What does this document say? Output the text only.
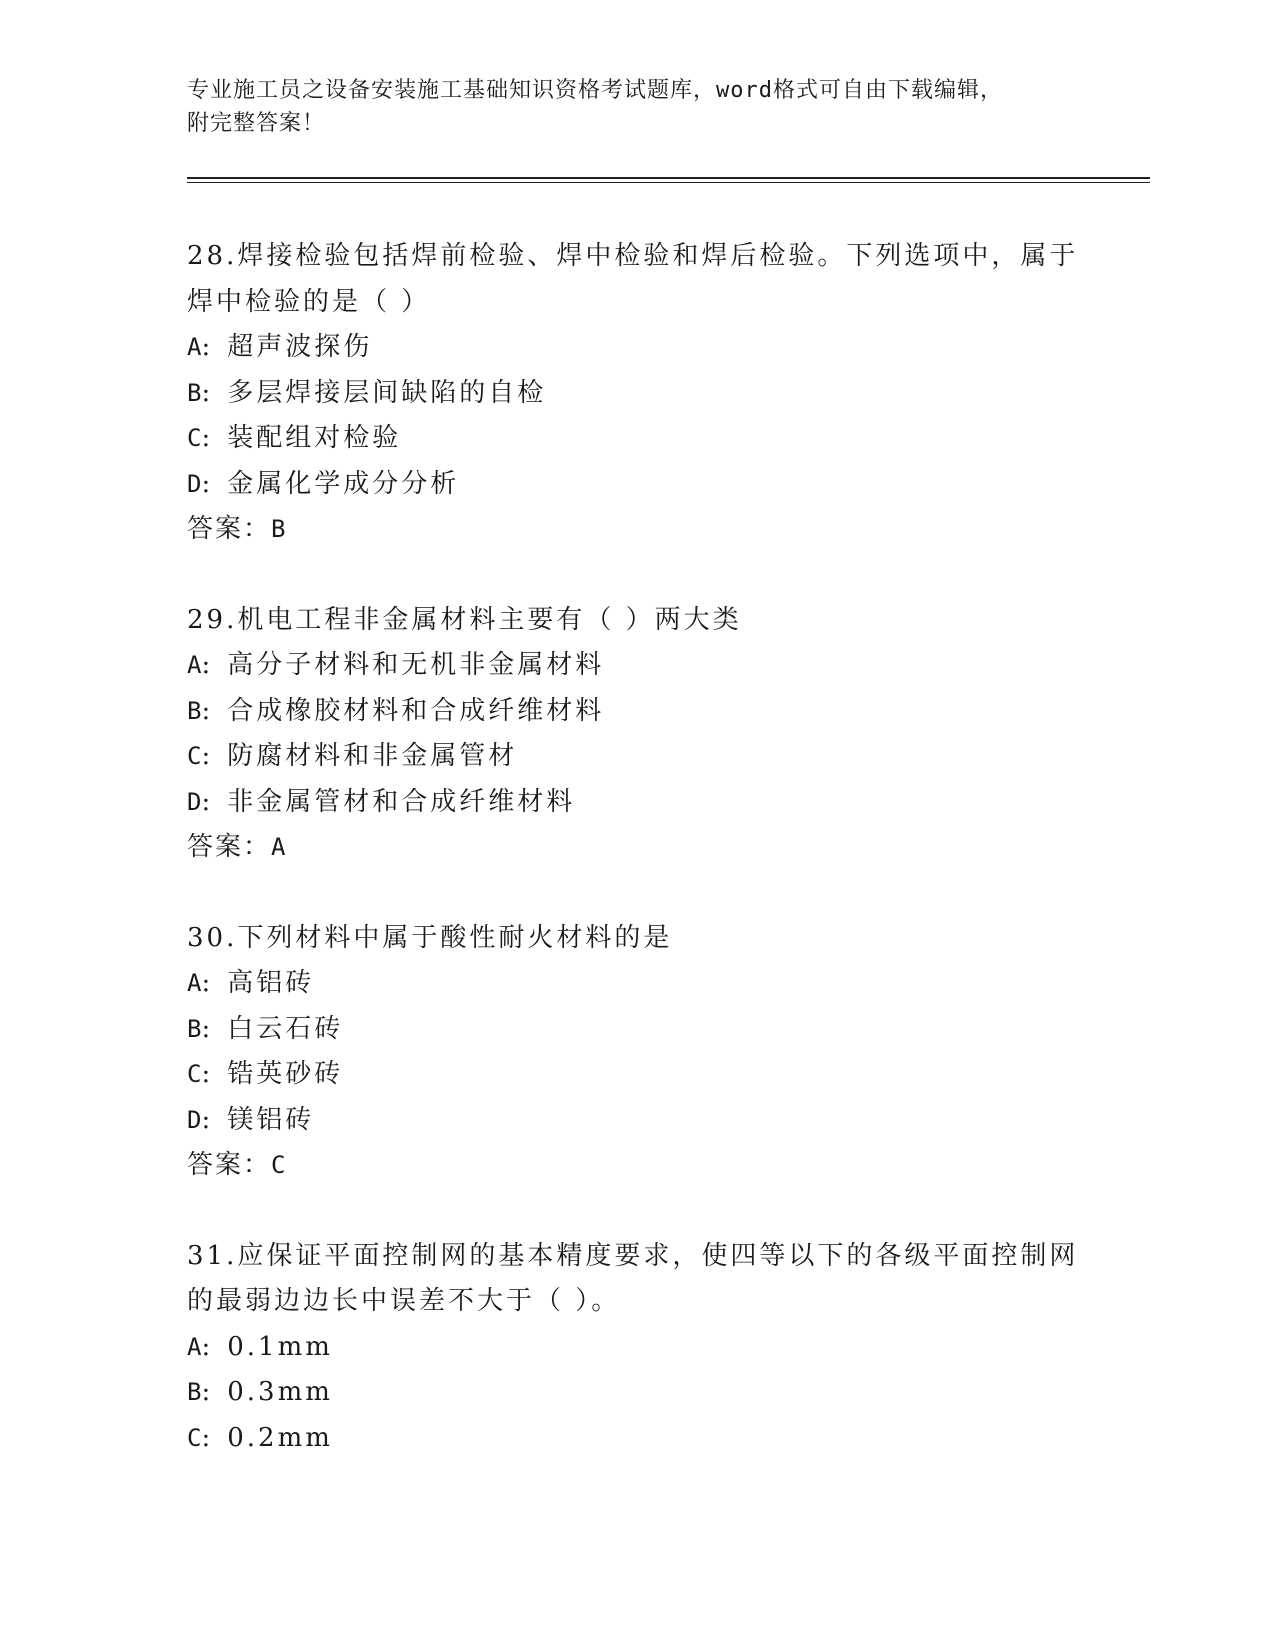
专业施工员之设备安装施工基础知识资格考试题库，word格式可自由下载编辑，
附完整答案！
28.焊接检验包括焊前检验、焊中检验和焊后检验。下列选项中，属于
焊中检验的是（ ）
A: 超声波探伤
B: 多层焊接层间缺陷的自检
C: 装配组对检验
D: 金属化学成分分析
答案：B
29.机电工程非金属材料主要有（ ）两大类
A: 高分子材料和无机非金属材料
B: 合成橡胶材料和合成纤维材料
C: 防腐材料和非金属管材
D: 非金属管材和合成纤维材料
答案：A
30.下列材料中属于酸性耐火材料的是
A: 高铝砖
B: 白云石砖
C: 锆英砂砖
D: 镁铝砖
答案：C
31.应保证平面控制网的基本精度要求，使四等以下的各级平面控制网
的最弱边边长中误差不大于（ ）。
A: 0.1mm
B: 0.3mm
C: 0.2mm
